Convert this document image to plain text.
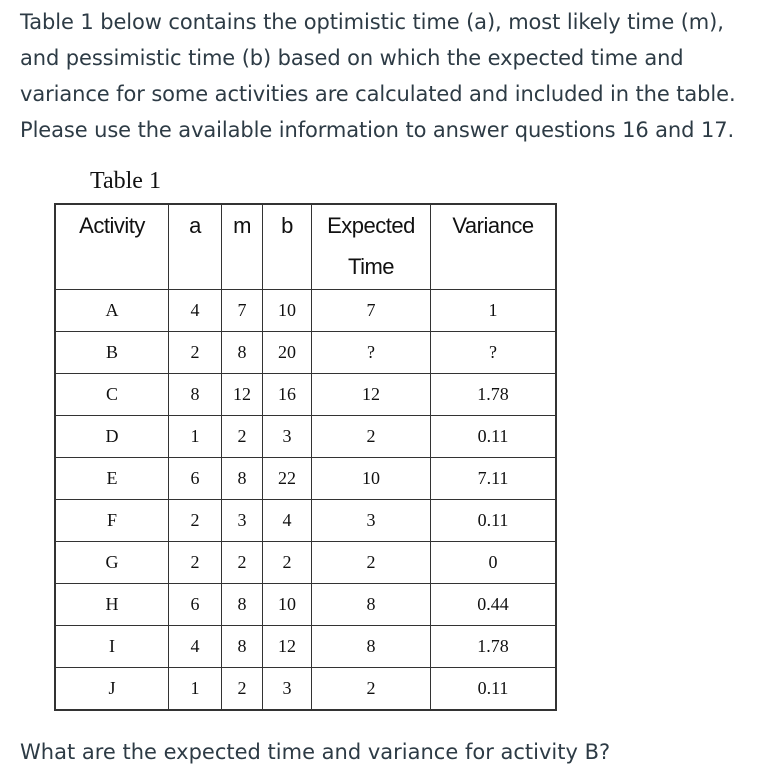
Table 1 below contains the optimistic time (a), most likely time (m), and pessimistic time (b) based on which the expected time and variance for some activities are calculated and included in the table. Please use the available information to answer questions 16 and 17.

Table 1
Activity	a	m	b	Expected Time	Variance
A	4	7	10	7	1
B	2	8	20	?	?
C	8	12	16	12	1.78
D	1	2	3	2	0.11
E	6	8	22	10	7.11
F	2	3	4	3	0.11
G	2	2	2	2	0
H	6	8	10	8	0.44
I	4	8	12	8	1.78
J	1	2	3	2	0.11

What are the expected time and variance for activity B?
